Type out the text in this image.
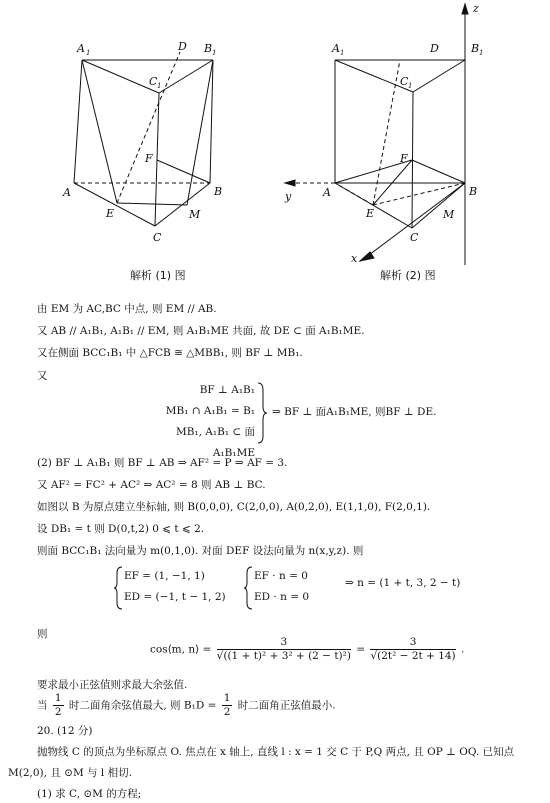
A 1	D B 1
C 1
F
A	B
E	M
C
解析 (1) 图
z
y
x
A 1	D	B 1
C 1
F
A	B
E	M
C
解析 (2) 图
由 EM 为 AC,BC 中点, 则 EM // AB.
又 AB // A₁B₁, A₁B₁ // EM, 则 A₁B₁ME 共面, 故 DE ⊂ 面 A₁B₁ME.
又在侧面 BCC₁B₁ 中 △FCB ≅ △MBB₁, 则 BF ⊥ MB₁.
又
BF ⊥ A₁B₁
MB₁ ∩ A₁B₁ = B₁
MB₁, A₁B₁ ⊂ 面A₁B₁ME
⇒ BF ⊥ 面A₁B₁ME, 则BF ⊥ DE.
(2) BF ⊥ A₁B₁ 则 BF ⊥ AB ⇒ AF² = P ⇒ AF = 3.
又 AF² = FC² + AC² ⇒ AC² = 8 则 AB ⊥ BC.
如图以 B 为原点建立坐标轴, 则 B(0,0,0), C(2,0,0), A(0,2,0), E(1,1,0), F(2,0,1).
设 DB₁ = t 则 D(0,t,2) 0 ⩽ t ⩽ 2.
则面 BCC₁B₁ 法向量为 m(0,1,0). 对面 DEF 设法向量为 n(x,y,z). 则
EF = (1, −1, 1)
ED = (−1, t − 1, 2)
EF · n = 0
ED · n = 0
⇒ n = (1 + t, 3, 2 − t)
则
cos⟨m, n⟩ = $\frac{3}{\text{√((1 + t)² + 3² + (2 − t)²)}} = \frac{3}{\text{√(2t² − 2t + 14)}}$ .
要求最小正弦值则求最大余弦值.
当 $\frac{1}{2}$ 时二面角余弦值最大, 则 $B_1D = \frac{1}{2}$ 时二面角正弦值最小.
20. (12 分)
抛物线 C 的顶点为坐标原点 O. 焦点在 x 轴上, 直线 l : x = 1 交 C 于 P,Q 两点, 且 OP ⊥ OQ. 已知点
M(2,0), 且 ⊙M 与 l 相切.
(1) 求 C, ⊙M 的方程;
